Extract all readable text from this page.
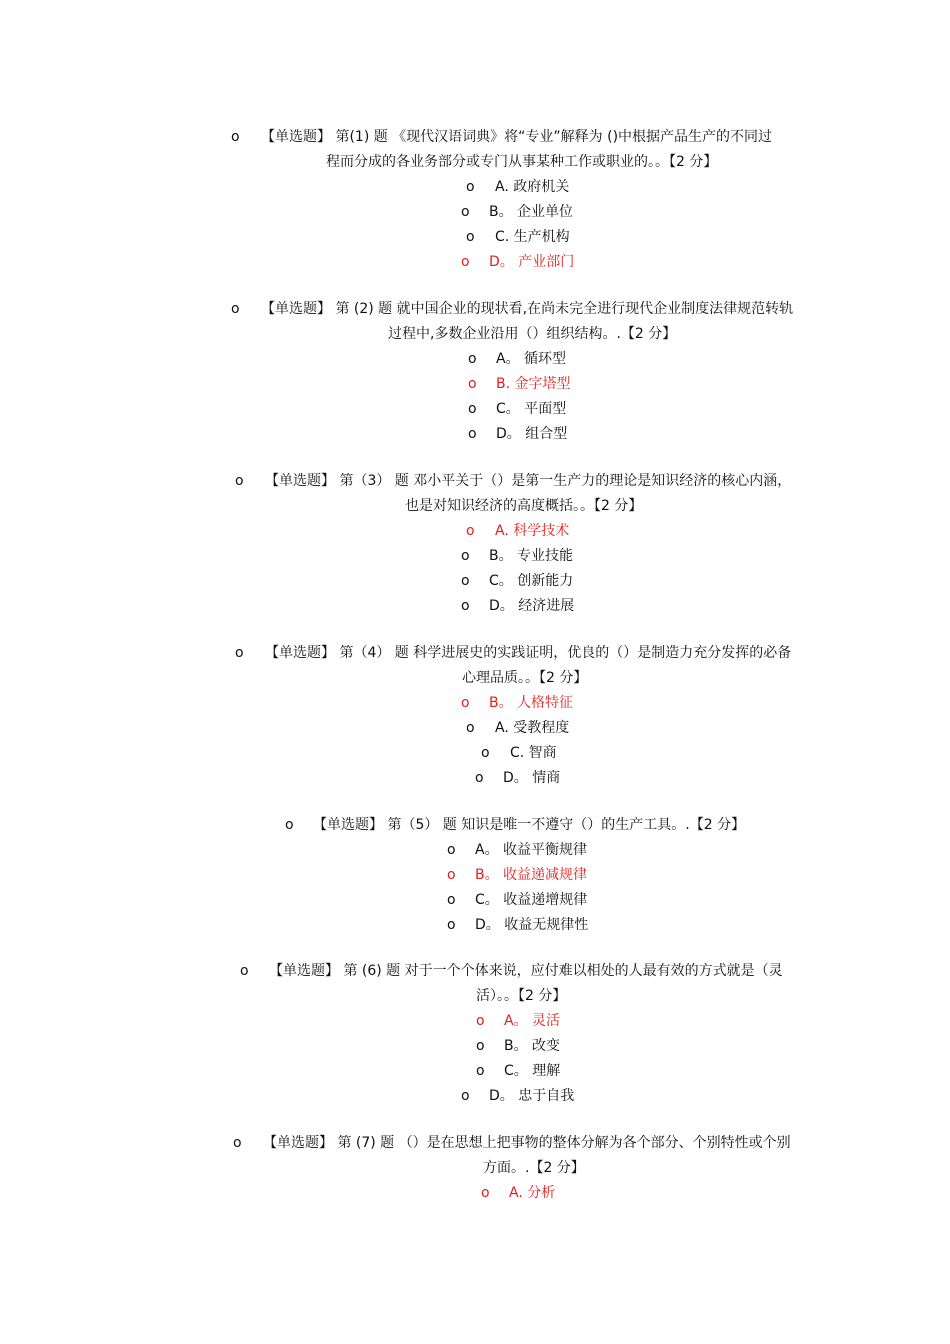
o 【单选题】 第(1) 题 《现代汉语词典》将“专业”解释为 ()中根据产品生产的不同过
程而分成的各业务部分或专门从事某种工作或职业的。。【2 分】
o A. 政府机关
o B。 企业单位
o C. 生产机构
o D。 产业部门
o 【单选题】 第 (2) 题 就中国企业的现状看,在尚未完全进行现代企业制度法律规范转轨
过程中,多数企业沿用（）组织结构。.【2 分】
o A。 循环型
o B. 金字塔型
o C。 平面型
o D。 组合型
o 【单选题】 第（3） 题 邓小平关于（）是第一生产力的理论是知识经济的核心内涵，
也是对知识经济的高度概括。。【2 分】
o A. 科学技术
o B。 专业技能
o C。 创新能力
o D。 经济进展
o 【单选题】 第（4） 题 科学进展史的实践证明，优良的（）是制造力充分发挥的必备
心理品质。。【2 分】
o B。 人格特征
o A. 受教程度
o C. 智商
o D。 情商
o 【单选题】 第（5） 题 知识是唯一不遵守（）的生产工具。.【2 分】
o A。 收益平衡规律
o B。 收益递减规律
o C。 收益递增规律
o D。 收益无规律性
o 【单选题】 第 (6) 题 对于一个个体来说，应付难以相处的人最有效的方式就是（灵
活）。。【2 分】
o A。 灵活
o B。 改变
o C。 理解
o D。 忠于自我
o 【单选题】 第 (7) 题 （）是在思想上把事物的整体分解为各个部分、个别特性或个别
方面。.【2 分】
o A. 分析
